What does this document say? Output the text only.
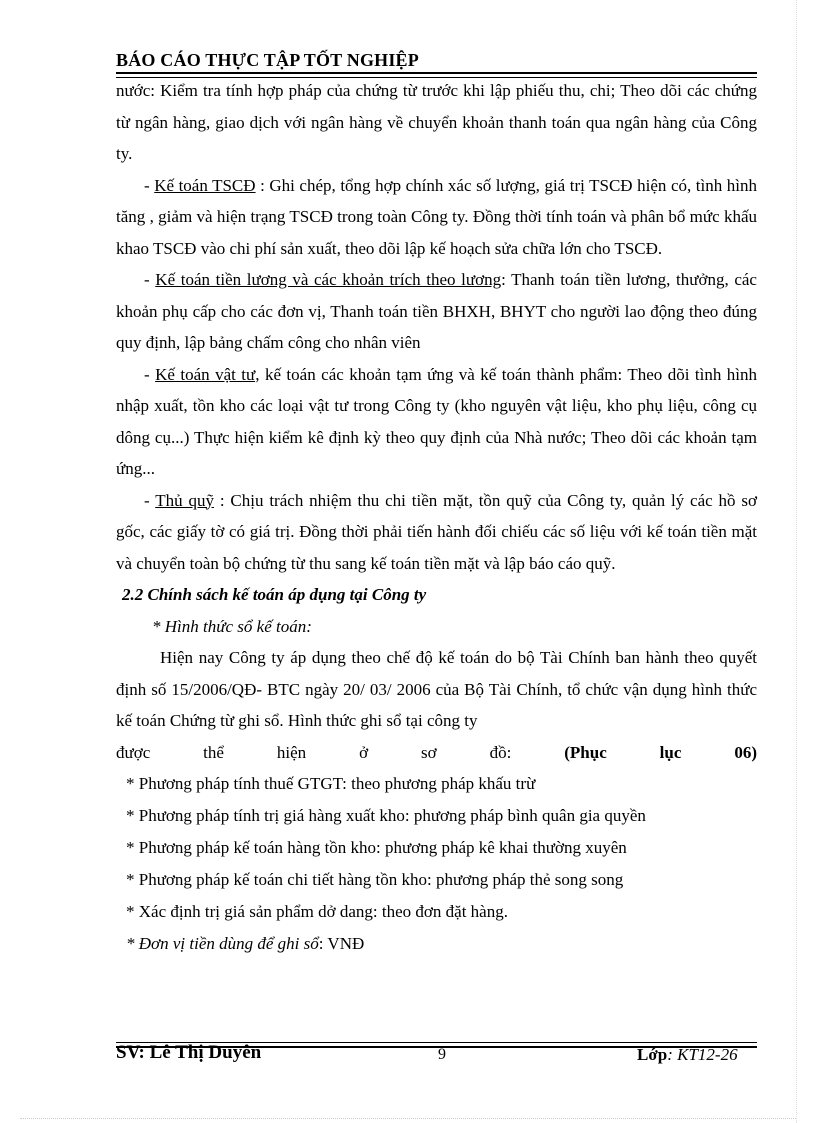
BÁO CÁO THỰC TẬP TỐT NGHIỆP

nước: Kiểm tra tính hợp pháp của chứng từ trước khi lập phiếu thu, chi; Theo dõi các chứng từ ngân hàng, giao dịch với ngân hàng về chuyển khoản thanh toán qua ngân hàng của Công ty.

- Kế toán TSCĐ : Ghi chép, tổng hợp chính xác số lượng, giá trị TSCĐ hiện có, tình hình tăng , giảm và hiện trạng TSCĐ trong toàn Công ty. Đồng thời tính toán và phân bổ mức khấu khao TSCĐ vào chi phí sản xuất, theo dõi lập kế hoạch sửa chữa lớn cho TSCĐ.

- Kế toán tiền lương và các khoản trích theo lương: Thanh toán tiền lương, thưởng, các khoản phụ cấp cho các đơn vị, Thanh toán tiền BHXH, BHYT cho người lao động theo đúng quy định, lập bảng chấm công cho nhân viên

- Kế toán vật tư, kế toán các khoản tạm ứng và kế toán thành phẩm: Theo dõi tình hình nhập xuất, tồn kho các loại vật tư trong Công ty (kho nguyên vật liệu, kho phụ liệu, công cụ dông cụ...) Thực hiện kiểm kê định kỳ theo quy định của Nhà nước; Theo dõi các khoản tạm ứng...

- Thủ quỹ : Chịu trách nhiệm thu chi tiền mặt, tồn quỹ của Công ty, quản lý các hồ sơ gốc, các giấy tờ có giá trị. Đồng thời phải tiến hành đối chiếu các số liệu với kế toán tiền mặt và chuyển toàn bộ chứng từ thu sang kế toán tiền mặt và lập báo cáo quỹ.

2.2 Chính sách kế toán áp dụng tại Công ty

* Hình thức sổ kế toán:

Hiện nay Công ty áp dụng theo chế độ kế toán do bộ Tài Chính ban hành theo quyết định số 15/2006/QĐ- BTC ngày 20/ 03/ 2006 của Bộ Tài Chính, tổ chức vận dụng hình thức kế toán Chứng từ ghi sổ. Hình thức ghi sổ tại công ty

được thể hiện ở sơ đồ:	(Phục lục 06)

* Phương pháp tính thuế GTGT: theo phương pháp khấu trừ

* Phương pháp tính trị giá hàng xuất kho: phương pháp bình quân gia quyền

* Phương pháp kế toán hàng tồn kho: phương pháp kê khai thường xuyên

* Phương pháp kế toán chi tiết hàng tồn kho: phương pháp thẻ song song

* Xác định trị giá sản phẩm dở dang: theo đơn đặt hàng.

* Đơn vị tiền dùng để ghi sổ: VNĐ

SV: Lê Thị Duyên	9	Lớp: KT12-26
